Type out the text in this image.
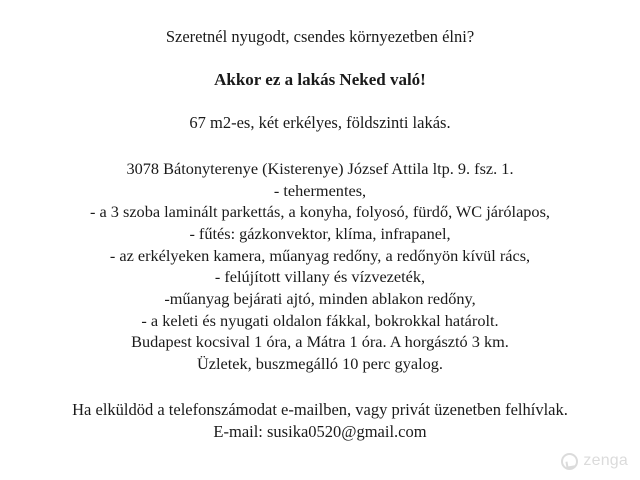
Szeretnél nyugodt, csendes környezetben élni?
Akkor ez a lakás Neked való!
67 m2-es, két erkélyes, földszinti lakás.
3078 Bátonyterenye (Kisterenye) József Attila ltp. 9. fsz. 1.
- tehermentes,
- a 3 szoba laminált parkettás, a konyha, folyosó, fürdő, WC járólapos,
- fűtés: gázkonvektor, klíma, infrapanel,
- az erkélyeken kamera, műanyag redőny, a redőnyön kívül rács,
- felújított villany és vízvezeték,
-műanyag bejárati ajtó, minden ablakon redőny,
- a keleti és nyugati oldalon fákkal, bokrokkal határolt.
Budapest kocsival 1 óra, a Mátra 1 óra. A horgásztó 3 km.
Üzletek, buszmegálló 10 perc gyalog.
Ha elküldöd a telefonszámodat e-mailben, vagy privát üzenetben felhívlak.
E-mail: susika0520@gmail.com
zenga
